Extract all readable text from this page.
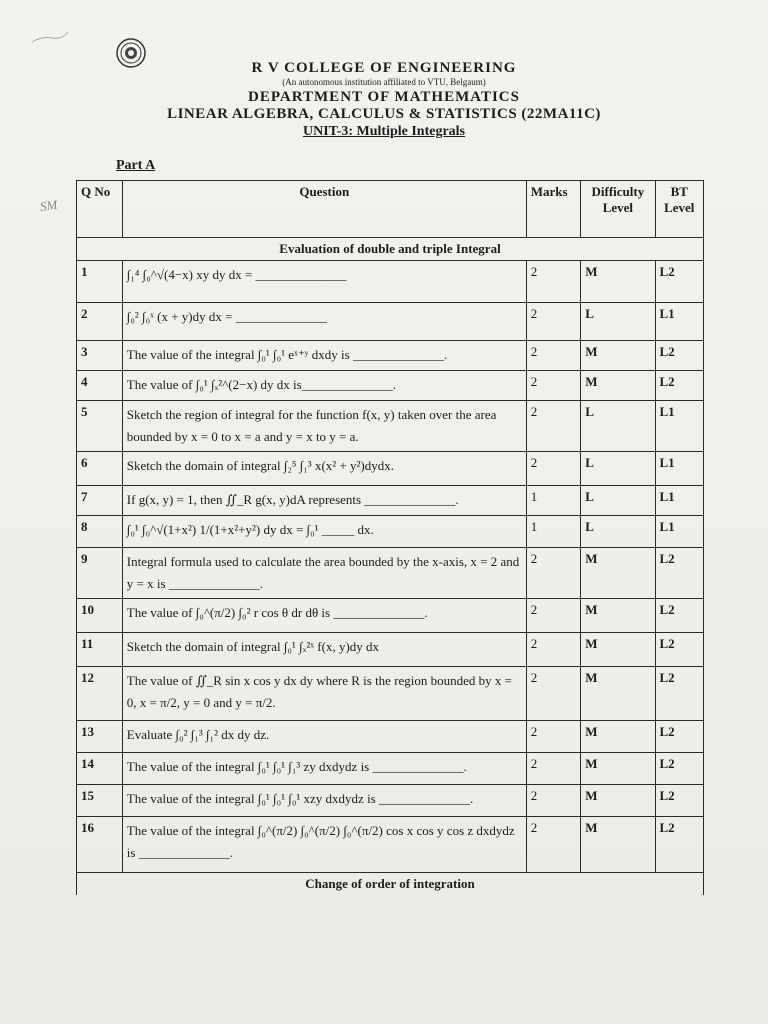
SM
R V COLLEGE OF ENGINEERING
(An autonomous institution affiliated to VTU, Belgaum)
DEPARTMENT OF MATHEMATICS
LINEAR ALGEBRA, CALCULUS & STATISTICS (22MA11C)
UNIT-3: Multiple Integrals
Part A
Q No	Question	Marks	Difficulty Level	BT Level
Evaluation of double and triple Integral				
1	∫₁⁴ ∫₀^√(4−x) xy dy dx = ______________	2	M	L2
2	∫₀² ∫₀ˣ (x + y)dy dx = ______________	2	L	L1
3	The value of the integral ∫₀¹ ∫₀¹ eˣ⁺ʸ dxdy is ______________.	2	M	L2
4	The value of ∫₀¹ ∫ₓ²^(2−x) dy dx is______________.	2	M	L2
5	Sketch the region of integral for the function f(x, y) taken over the area bounded by x = 0 to x = a and y = x to y = a.	2	L	L1
6	Sketch the domain of integral ∫₂⁵ ∫₁³ x(x² + y²)dydx.	2	L	L1
7	If g(x, y) = 1, then ∬_R g(x, y)dA represents ______________.	1	L	L1
8	∫₀¹ ∫₀^√(1+x²) 1/(1+x²+y²) dy dx = ∫₀¹ _____ dx.	1	L	L1
9	Integral formula used to calculate the area bounded by the x-axis, x = 2 and y = x is ______________.	2	M	L2
10	The value of ∫₀^(π/2) ∫₀² r cos θ dr dθ is ______________.	2	M	L2
11	Sketch the domain of integral ∫₀¹ ∫ₓ²ˣ f(x, y)dy dx	2	M	L2
12	The value of ∬_R sin x cos y dx dy where R is the region bounded by x = 0, x = π/2, y = 0 and y = π/2.	2	M	L2
13	Evaluate ∫₀² ∫₁³ ∫₁² dx dy dz.	2	M	L2
14	The value of the integral ∫₀¹ ∫₀¹ ∫₁³ zy dxdydz is ______________.	2	M	L2
15	The value of the integral ∫₀¹ ∫₀¹ ∫₀¹ xzy dxdydz is ______________.	2	M	L2
16	The value of the integral ∫₀^(π/2) ∫₀^(π/2) ∫₀^(π/2) cos x cos y cos z dxdydz is ______________.	2	M	L2
Change of order of integration				
